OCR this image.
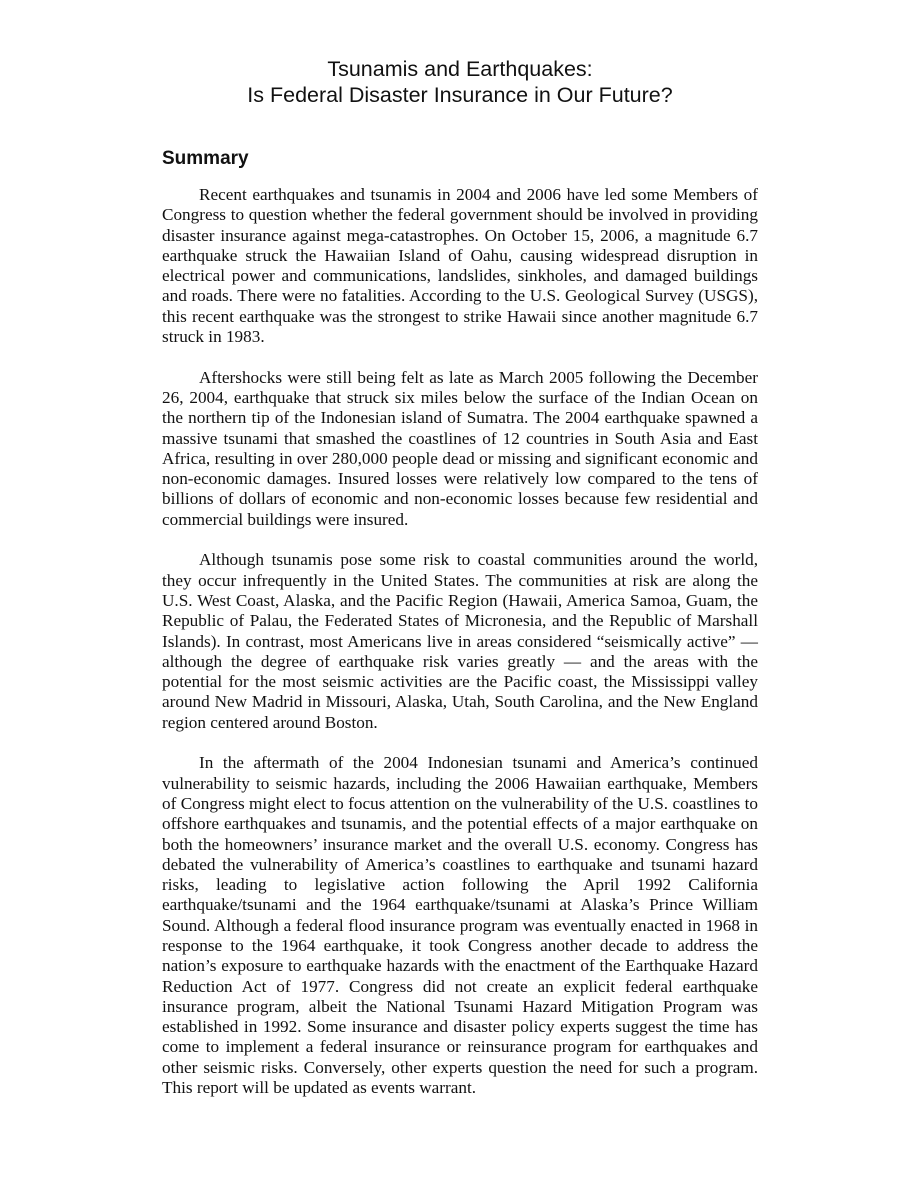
Tsunamis and Earthquakes:
Is Federal Disaster Insurance in Our Future?
Summary

Recent earthquakes and tsunamis in 2004 and 2006 have led some Members of Congress to question whether the federal government should be involved in providing disaster insurance against mega-catastrophes. On October 15, 2006, a magnitude 6.7 earthquake struck the Hawaiian Island of Oahu, causing widespread disruption in electrical power and communications, landslides, sinkholes, and damaged buildings and roads. There were no fatalities. According to the U.S. Geological Survey (USGS), this recent earthquake was the strongest to strike Hawaii since another magnitude 6.7 struck in 1983.

Aftershocks were still being felt as late as March 2005 following the December 26, 2004, earthquake that struck six miles below the surface of the Indian Ocean on the northern tip of the Indonesian island of Sumatra. The 2004 earthquake spawned a massive tsunami that smashed the coastlines of 12 countries in South Asia and East Africa, resulting in over 280,000 people dead or missing and significant economic and non-economic damages. Insured losses were relatively low compared to the tens of billions of dollars of economic and non-economic losses because few residential and commercial buildings were insured.

Although tsunamis pose some risk to coastal communities around the world, they occur infrequently in the United States. The communities at risk are along the U.S. West Coast, Alaska, and the Pacific Region (Hawaii, America Samoa, Guam, the Republic of Palau, the Federated States of Micronesia, and the Republic of Marshall Islands). In contrast, most Americans live in areas considered “seismically active” — although the degree of earthquake risk varies greatly — and the areas with the potential for the most seismic activities are the Pacific coast, the Mississippi valley around New Madrid in Missouri, Alaska, Utah, South Carolina, and the New England region centered around Boston.

In the aftermath of the 2004 Indonesian tsunami and America’s continued vulnerability to seismic hazards, including the 2006 Hawaiian earthquake, Members of Congress might elect to focus attention on the vulnerability of the U.S. coastlines to offshore earthquakes and tsunamis, and the potential effects of a major earthquake on both the homeowners’ insurance market and the overall U.S. economy. Congress has debated the vulnerability of America’s coastlines to earthquake and tsunami hazard risks, leading to legislative action following the April 1992 California earthquake/tsunami and the 1964 earthquake/tsunami at Alaska’s Prince William Sound. Although a federal flood insurance program was eventually enacted in 1968 in response to the 1964 earthquake, it took Congress another decade to address the nation’s exposure to earthquake hazards with the enactment of the Earthquake Hazard Reduction Act of 1977. Congress did not create an explicit federal earthquake insurance program, albeit the National Tsunami Hazard Mitigation Program was established in 1992. Some insurance and disaster policy experts suggest the time has come to implement a federal insurance or reinsurance program for earthquakes and other seismic risks. Conversely, other experts question the need for such a program. This report will be updated as events warrant.
